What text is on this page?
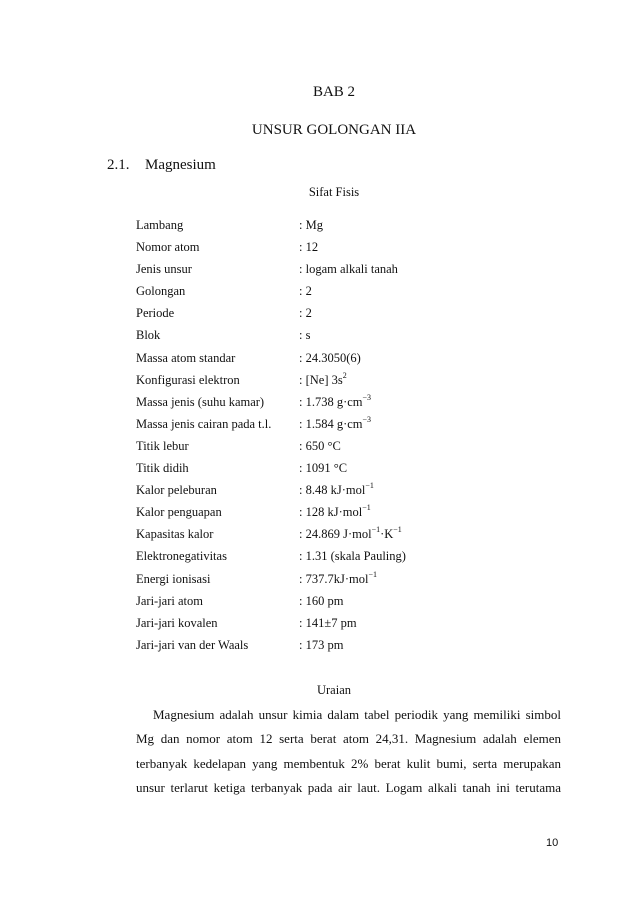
BAB 2
UNSUR GOLONGAN IIA
2.1. Magnesium
Sifat Fisis
Lambang	: Mg
Nomor atom	: 12
Jenis unsur	: logam alkali tanah
Golongan	: 2
Periode	: 2
Blok	: s
Massa atom standar	: 24.3050(6)
Konfigurasi elektron	: [Ne] $3s^2$
Massa jenis (suhu kamar)	: 1.738 $g\cdot cm^{-3}$
Massa jenis cairan pada t.l.	: 1.584 $g\cdot cm^{-3}$
Titik lebur	: 650 °C
Titik didih	: 1091 °C
Kalor peleburan	: 8.48 kJ·mol$^{-1}$
Kalor penguapan	: 128 kJ·mol$^{-1}$
Kapasitas kalor	: 24.869 $J\cdot mol^{-1}\cdot K^{-1}$
Elektronegativitas	: 1.31 (skala Pauling)
Energi ionisasi	: 737.7kJ·mol$^{-1}$
Jari-jari atom	: 160 pm
Jari-jari kovalen	: 141±7 pm
Jari-jari van der Waals	: 173 pm
Uraian
Magnesium adalah unsur kimia dalam tabel periodik yang memiliki simbol
Mg dan nomor atom 12 serta berat atom 24,31. Magnesium adalah elemen
terbanyak kedelapan yang membentuk 2% berat kulit bumi, serta merupakan
unsur terlarut ketiga terbanyak pada air laut. Logam alkali tanah ini terutama
10
